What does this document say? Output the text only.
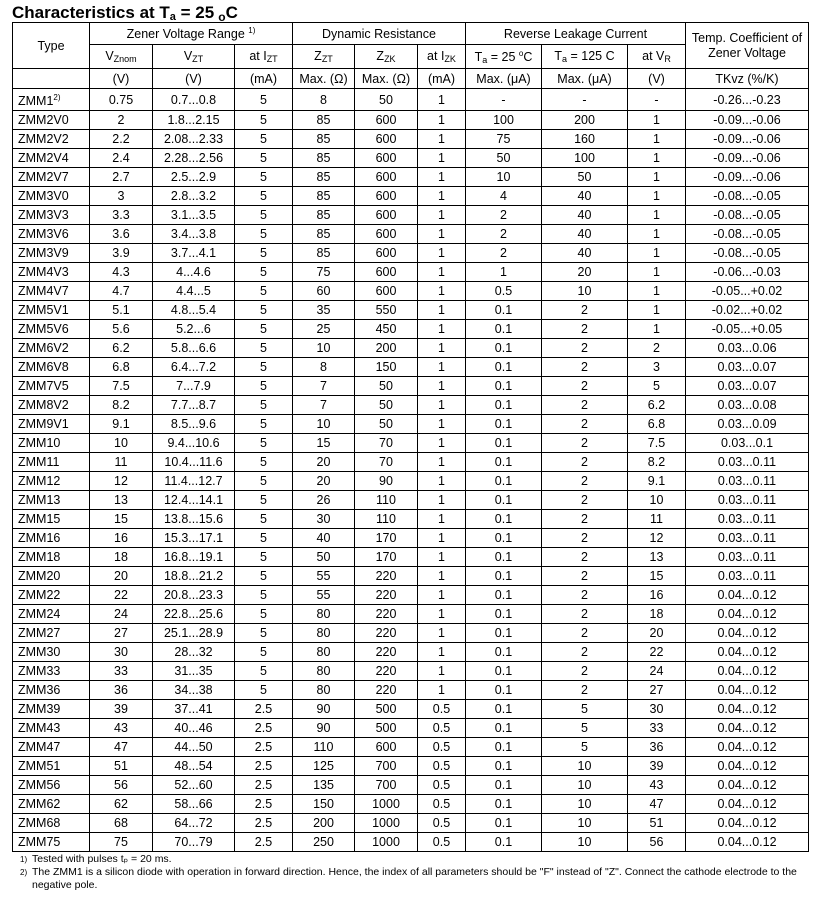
Characteristics at Ta = 25 oC
Type	Zener Voltage Range $^{1)}$			Dynamic Resistance			Reverse Leakage Current			Temp. Coefficient of Zener Voltage
	$V_{Znom}$	$V_{ZT}$	at $I_{ZT}$	$Z_{ZT}$	$Z_{ZK}$	at $I_{ZK}$	$T_a = 25$ $^o$C	$T_a = 125$ C	at $V_R$
	(V)	(V)	(mA)	Max. (Ω)	Max. (Ω)	(mA)	Max. (μA)	Max. (μA)	(V)	TKvz (%/K)
ZMM1$^{2)}$	0.75	0.7...0.8	5	8	50	1	-	-	-	-0.26...-0.23
ZMM2V0	2	1.8...2.15	5	85	600	1	100	200	1	-0.09...-0.06
ZMM2V2	2.2	2.08...2.33	5	85	600	1	75	160	1	-0.09...-0.06
ZMM2V4	2.4	2.28...2.56	5	85	600	1	50	100	1	-0.09...-0.06
ZMM2V7	2.7	2.5...2.9	5	85	600	1	10	50	1	-0.09...-0.06
ZMM3V0	3	2.8...3.2	5	85	600	1	4	40	1	-0.08...-0.05
ZMM3V3	3.3	3.1...3.5	5	85	600	1	2	40	1	-0.08...-0.05
ZMM3V6	3.6	3.4...3.8	5	85	600	1	2	40	1	-0.08...-0.05
ZMM3V9	3.9	3.7...4.1	5	85	600	1	2	40	1	-0.08...-0.05
ZMM4V3	4.3	4...4.6	5	75	600	1	1	20	1	-0.06...-0.03
ZMM4V7	4.7	4.4...5	5	60	600	1	0.5	10	1	-0.05...+0.02
ZMM5V1	5.1	4.8...5.4	5	35	550	1	0.1	2	1	-0.02...+0.02
ZMM5V6	5.6	5.2...6	5	25	450	1	0.1	2	1	-0.05...+0.05
ZMM6V2	6.2	5.8...6.6	5	10	200	1	0.1	2	2	0.03...0.06
ZMM6V8	6.8	6.4...7.2	5	8	150	1	0.1	2	3	0.03...0.07
ZMM7V5	7.5	7...7.9	5	7	50	1	0.1	2	5	0.03...0.07
ZMM8V2	8.2	7.7...8.7	5	7	50	1	0.1	2	6.2	0.03...0.08
ZMM9V1	9.1	8.5...9.6	5	10	50	1	0.1	2	6.8	0.03...0.09
ZMM10	10	9.4...10.6	5	15	70	1	0.1	2	7.5	0.03...0.1
ZMM11	11	10.4...11.6	5	20	70	1	0.1	2	8.2	0.03...0.11
ZMM12	12	11.4...12.7	5	20	90	1	0.1	2	9.1	0.03...0.11
ZMM13	13	12.4...14.1	5	26	110	1	0.1	2	10	0.03...0.11
ZMM15	15	13.8...15.6	5	30	110	1	0.1	2	11	0.03...0.11
ZMM16	16	15.3...17.1	5	40	170	1	0.1	2	12	0.03...0.11
ZMM18	18	16.8...19.1	5	50	170	1	0.1	2	13	0.03...0.11
ZMM20	20	18.8...21.2	5	55	220	1	0.1	2	15	0.03...0.11
ZMM22	22	20.8...23.3	5	55	220	1	0.1	2	16	0.04...0.12
ZMM24	24	22.8...25.6	5	80	220	1	0.1	2	18	0.04...0.12
ZMM27	27	25.1...28.9	5	80	220	1	0.1	2	20	0.04...0.12
ZMM30	30	28...32	5	80	220	1	0.1	2	22	0.04...0.12
ZMM33	33	31...35	5	80	220	1	0.1	2	24	0.04...0.12
ZMM36	36	34...38	5	80	220	1	0.1	2	27	0.04...0.12
ZMM39	39	37...41	2.5	90	500	0.5	0.1	5	30	0.04...0.12
ZMM43	43	40...46	2.5	90	500	0.5	0.1	5	33	0.04...0.12
ZMM47	47	44...50	2.5	110	600	0.5	0.1	5	36	0.04...0.12
ZMM51	51	48...54	2.5	125	700	0.5	0.1	10	39	0.04...0.12
ZMM56	56	52...60	2.5	135	700	0.5	0.1	10	43	0.04...0.12
ZMM62	62	58...66	2.5	150	1000	0.5	0.1	10	47	0.04...0.12
ZMM68	68	64...72	2.5	200	1000	0.5	0.1	10	51	0.04...0.12
ZMM75	75	70...79	2.5	250	1000	0.5	0.1	10	56	0.04...0.12
1) Tested with pulses tₚ = 20 ms.
2) The ZMM1 is a silicon diode with operation in forward direction. Hence, the index of all parameters should be "F" instead of "Z". Connect the cathode electrode to the negative pole.
